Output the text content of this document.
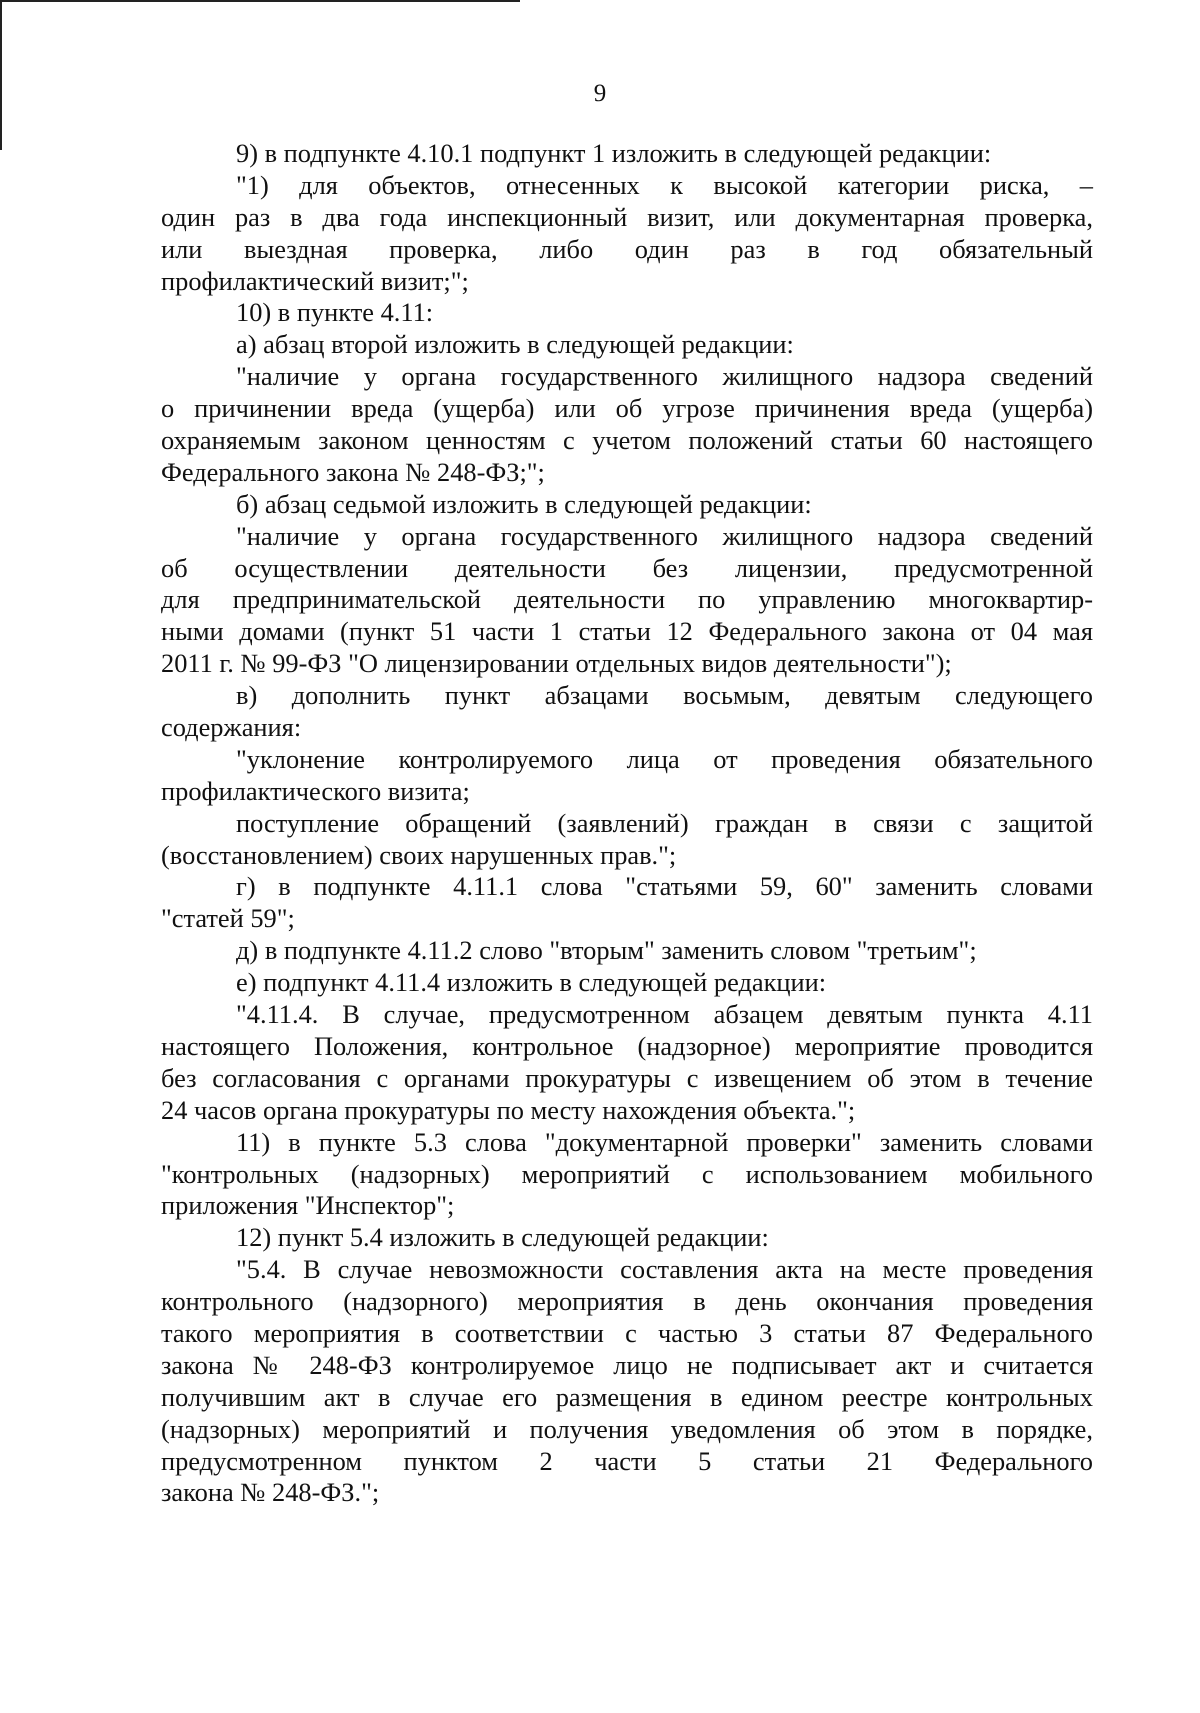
9
9) в подпункте 4.10.1 подпункт 1 изложить в следующей редакции:
"1) для объектов, отнесенных к высокой категории риска, –
один раз в два года инспекционный визит, или документарная проверка,
или выездная проверка, либо один раз в год обязательный
профилактический визит;";
10) в пункте 4.11:
а) абзац второй изложить в следующей редакции:
"наличие у органа государственного жилищного надзора сведений
о причинении вреда (ущерба) или об угрозе причинения вреда (ущерба)
охраняемым законом ценностям с учетом положений статьи 60 настоящего
Федерального закона № 248-ФЗ;";
б) абзац седьмой изложить в следующей редакции:
"наличие у органа государственного жилищного надзора сведений
об осуществлении деятельности без лицензии, предусмотренной
для предпринимательской деятельности по управлению многоквартир-
ными домами (пункт 51 части 1 статьи 12 Федерального закона от 04 мая
2011 г. № 99-ФЗ "О лицензировании отдельных видов деятельности");
в) дополнить пункт абзацами восьмым, девятым следующего
содержания:
"уклонение контролируемого лица от проведения обязательного
профилактического визита;
поступление обращений (заявлений) граждан в связи с защитой
(восстановлением) своих нарушенных прав.";
г) в подпункте 4.11.1 слова "статьями 59, 60" заменить словами
"статей 59";
д) в подпункте 4.11.2 слово "вторым" заменить словом "третьим";
е) подпункт 4.11.4 изложить в следующей редакции:
"4.11.4. В случае, предусмотренном абзацем девятым пункта 4.11
настоящего Положения, контрольное (надзорное) мероприятие проводится
без согласования с органами прокуратуры с извещением об этом в течение
24 часов органа прокуратуры по месту нахождения объекта.";
11) в пункте 5.3 слова "документарной проверки" заменить словами
"контрольных (надзорных) мероприятий с использованием мобильного
приложения "Инспектор";
12) пункт 5.4 изложить в следующей редакции:
"5.4. В случае невозможности составления акта на месте проведения
контрольного (надзорного) мероприятия в день окончания проведения
такого мероприятия в соответствии с частью 3 статьи 87 Федерального
закона № 248-ФЗ контролируемое лицо не подписывает акт и считается
получившим акт в случае его размещения в едином реестре контрольных
(надзорных) мероприятий и получения уведомления об этом в порядке,
предусмотренном пунктом 2 части 5 статьи 21 Федерального
закона № 248-ФЗ.";
